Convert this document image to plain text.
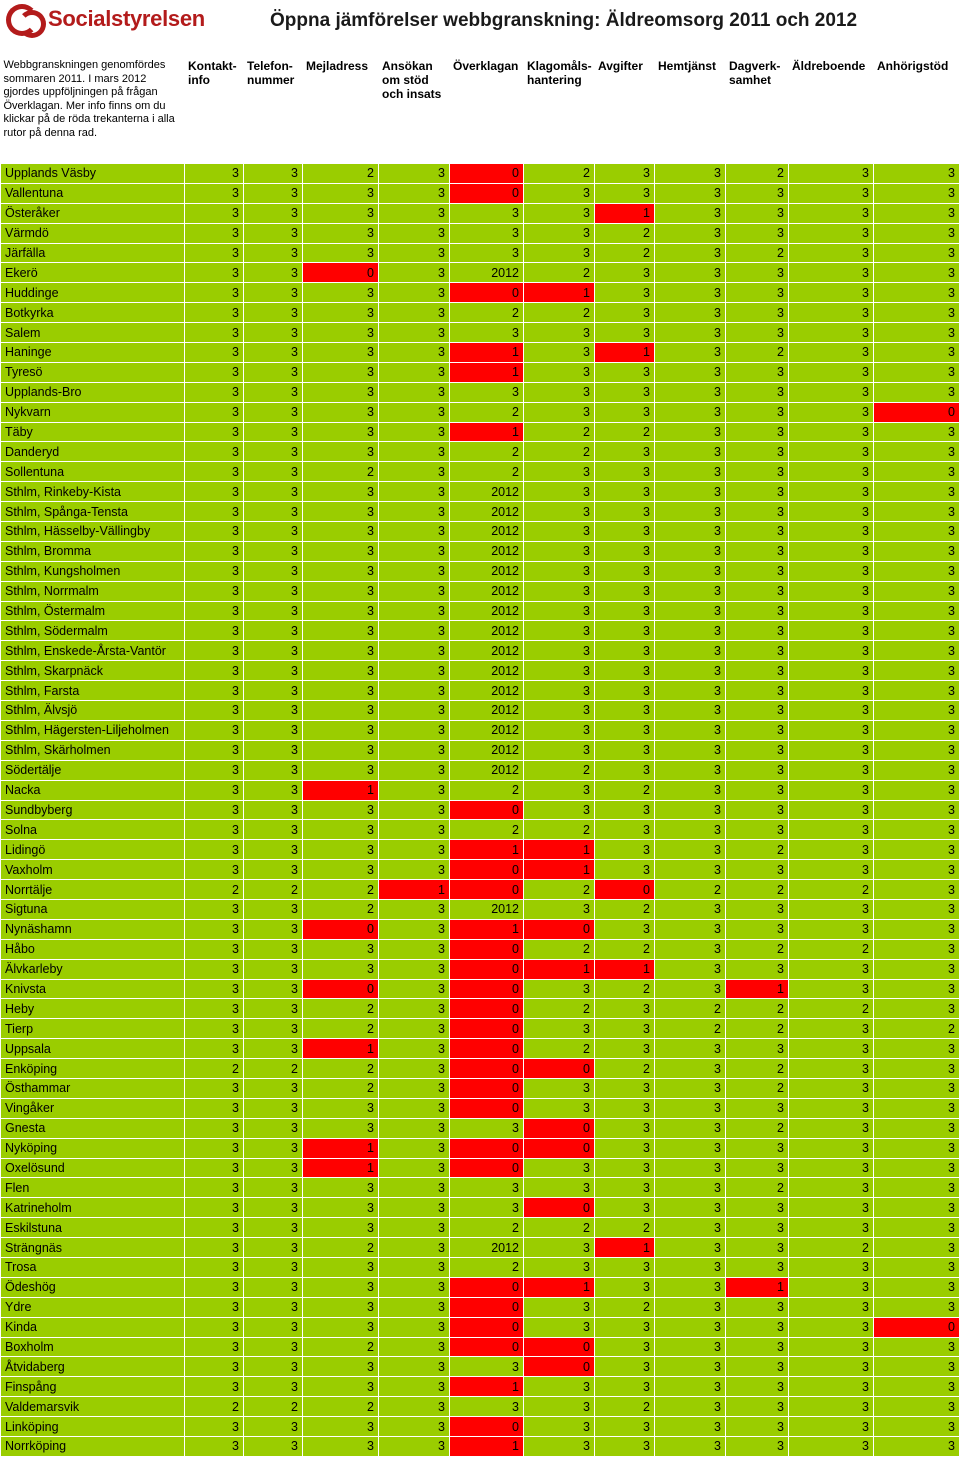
Socialstyrelsen	Öppna jämförelser webbgranskning: Äldreomsorg 2011 och 2012
Webbgranskningen genomfördes sommaren 2011. I mars 2012 gjordes uppföljningen på frågan Överklagan. Mer info finns om du klickar på de röda trekanterna i alla rutor på denna rad.	Kontakt-info	Telefon-nummer	Mejladress	Ansökan om stöd och insats	Överklagan	Klagomåls-hantering	Avgifter	Hemtjänst	Dagverk-samhet	Äldreboende	Anhörigstöd

Upplands Väsby	3	3	2	3	0	2	3	3	2	3	3
Vallentuna	3	3	3	3	0	3	3	3	3	3	3
Österåker	3	3	3	3	3	3	1	3	3	3	3
Värmdö	3	3	3	3	3	3	2	3	3	3	3
Järfälla	3	3	3	3	3	3	2	3	2	3	3
Ekerö	3	3	0	3	2012	2	3	3	3	3	3
Huddinge	3	3	3	3	0	1	3	3	3	3	3
Botkyrka	3	3	3	3	2	2	3	3	3	3	3
Salem	3	3	3	3	3	3	3	3	3	3	3
Haninge	3	3	3	3	1	3	1	3	2	3	3
Tyresö	3	3	3	3	1	3	3	3	3	3	3
Upplands-Bro	3	3	3	3	3	3	3	3	3	3	3
Nykvarn	3	3	3	3	2	3	3	3	3	3	0
Täby	3	3	3	3	1	2	2	3	3	3	3
Danderyd	3	3	3	3	2	2	3	3	3	3	3
Sollentuna	3	3	2	3	2	3	3	3	3	3	3
Sthlm, Rinkeby-Kista	3	3	3	3	2012	3	3	3	3	3	3
Sthlm, Spånga-Tensta	3	3	3	3	2012	3	3	3	3	3	3
Sthlm, Hässelby-Vällingby	3	3	3	3	2012	3	3	3	3	3	3
Sthlm, Bromma	3	3	3	3	2012	3	3	3	3	3	3
Sthlm, Kungsholmen	3	3	3	3	2012	3	3	3	3	3	3
Sthlm, Norrmalm	3	3	3	3	2012	3	3	3	3	3	3
Sthlm, Östermalm	3	3	3	3	2012	3	3	3	3	3	3
Sthlm, Södermalm	3	3	3	3	2012	3	3	3	3	3	3
Sthlm, Enskede-Årsta-Vantör	3	3	3	3	2012	3	3	3	3	3	3
Sthlm, Skarpnäck	3	3	3	3	2012	3	3	3	3	3	3
Sthlm, Farsta	3	3	3	3	2012	3	3	3	3	3	3
Sthlm, Älvsjö	3	3	3	3	2012	3	3	3	3	3	3
Sthlm, Hägersten-Liljeholmen	3	3	3	3	2012	3	3	3	3	3	3
Sthlm, Skärholmen	3	3	3	3	2012	3	3	3	3	3	3
Södertälje	3	3	3	3	2012	2	3	3	3	3	3
Nacka	3	3	1	3	2	3	2	3	3	3	3
Sundbyberg	3	3	3	3	0	3	3	3	3	3	3
Solna	3	3	3	3	2	2	3	3	3	3	3
Lidingö	3	3	3	3	1	1	3	3	2	3	3
Vaxholm	3	3	3	3	0	1	3	3	3	3	3
Norrtälje	2	2	2	1	0	2	0	2	2	2	3
Sigtuna	3	3	2	3	2012	3	2	3	3	3	3
Nynäshamn	3	3	0	3	1	0	3	3	3	3	3
Håbo	3	3	3	3	0	2	2	3	2	2	3
Älvkarleby	3	3	3	3	0	1	1	3	3	3	3
Knivsta	3	3	0	3	0	3	2	3	1	3	3
Heby	3	3	2	3	0	2	3	2	2	2	3
Tierp	3	3	2	3	0	3	3	2	2	3	2
Uppsala	3	3	1	3	0	2	3	3	3	3	3
Enköping	2	2	2	3	0	0	2	3	2	3	3
Östhammar	3	3	2	3	0	3	3	3	2	3	3
Vingåker	3	3	3	3	0	3	3	3	3	3	3
Gnesta	3	3	3	3	3	0	3	3	2	3	3
Nyköping	3	3	1	3	0	0	3	3	3	3	3
Oxelösund	3	3	1	3	0	3	3	3	3	3	3
Flen	3	3	3	3	3	3	3	3	2	3	3
Katrineholm	3	3	3	3	3	0	3	3	3	3	3
Eskilstuna	3	3	3	3	2	2	2	3	3	3	3
Strängnäs	3	3	2	3	2012	3	1	3	3	2	3
Trosa	3	3	3	3	2	3	3	3	3	3	3
Ödeshög	3	3	3	3	0	1	3	3	1	3	3
Ydre	3	3	3	3	0	3	2	3	3	3	3
Kinda	3	3	3	3	0	3	3	3	3	3	0
Boxholm	3	3	2	3	0	0	3	3	3	3	3
Åtvidaberg	3	3	3	3	3	0	3	3	3	3	3
Finspång	3	3	3	3	1	3	3	3	3	3	3
Valdemarsvik	2	2	2	3	3	3	2	3	3	3	3
Linköping	3	3	3	3	0	3	3	3	3	3	3
Norrköping	3	3	3	3	1	3	3	3	3	3	3
